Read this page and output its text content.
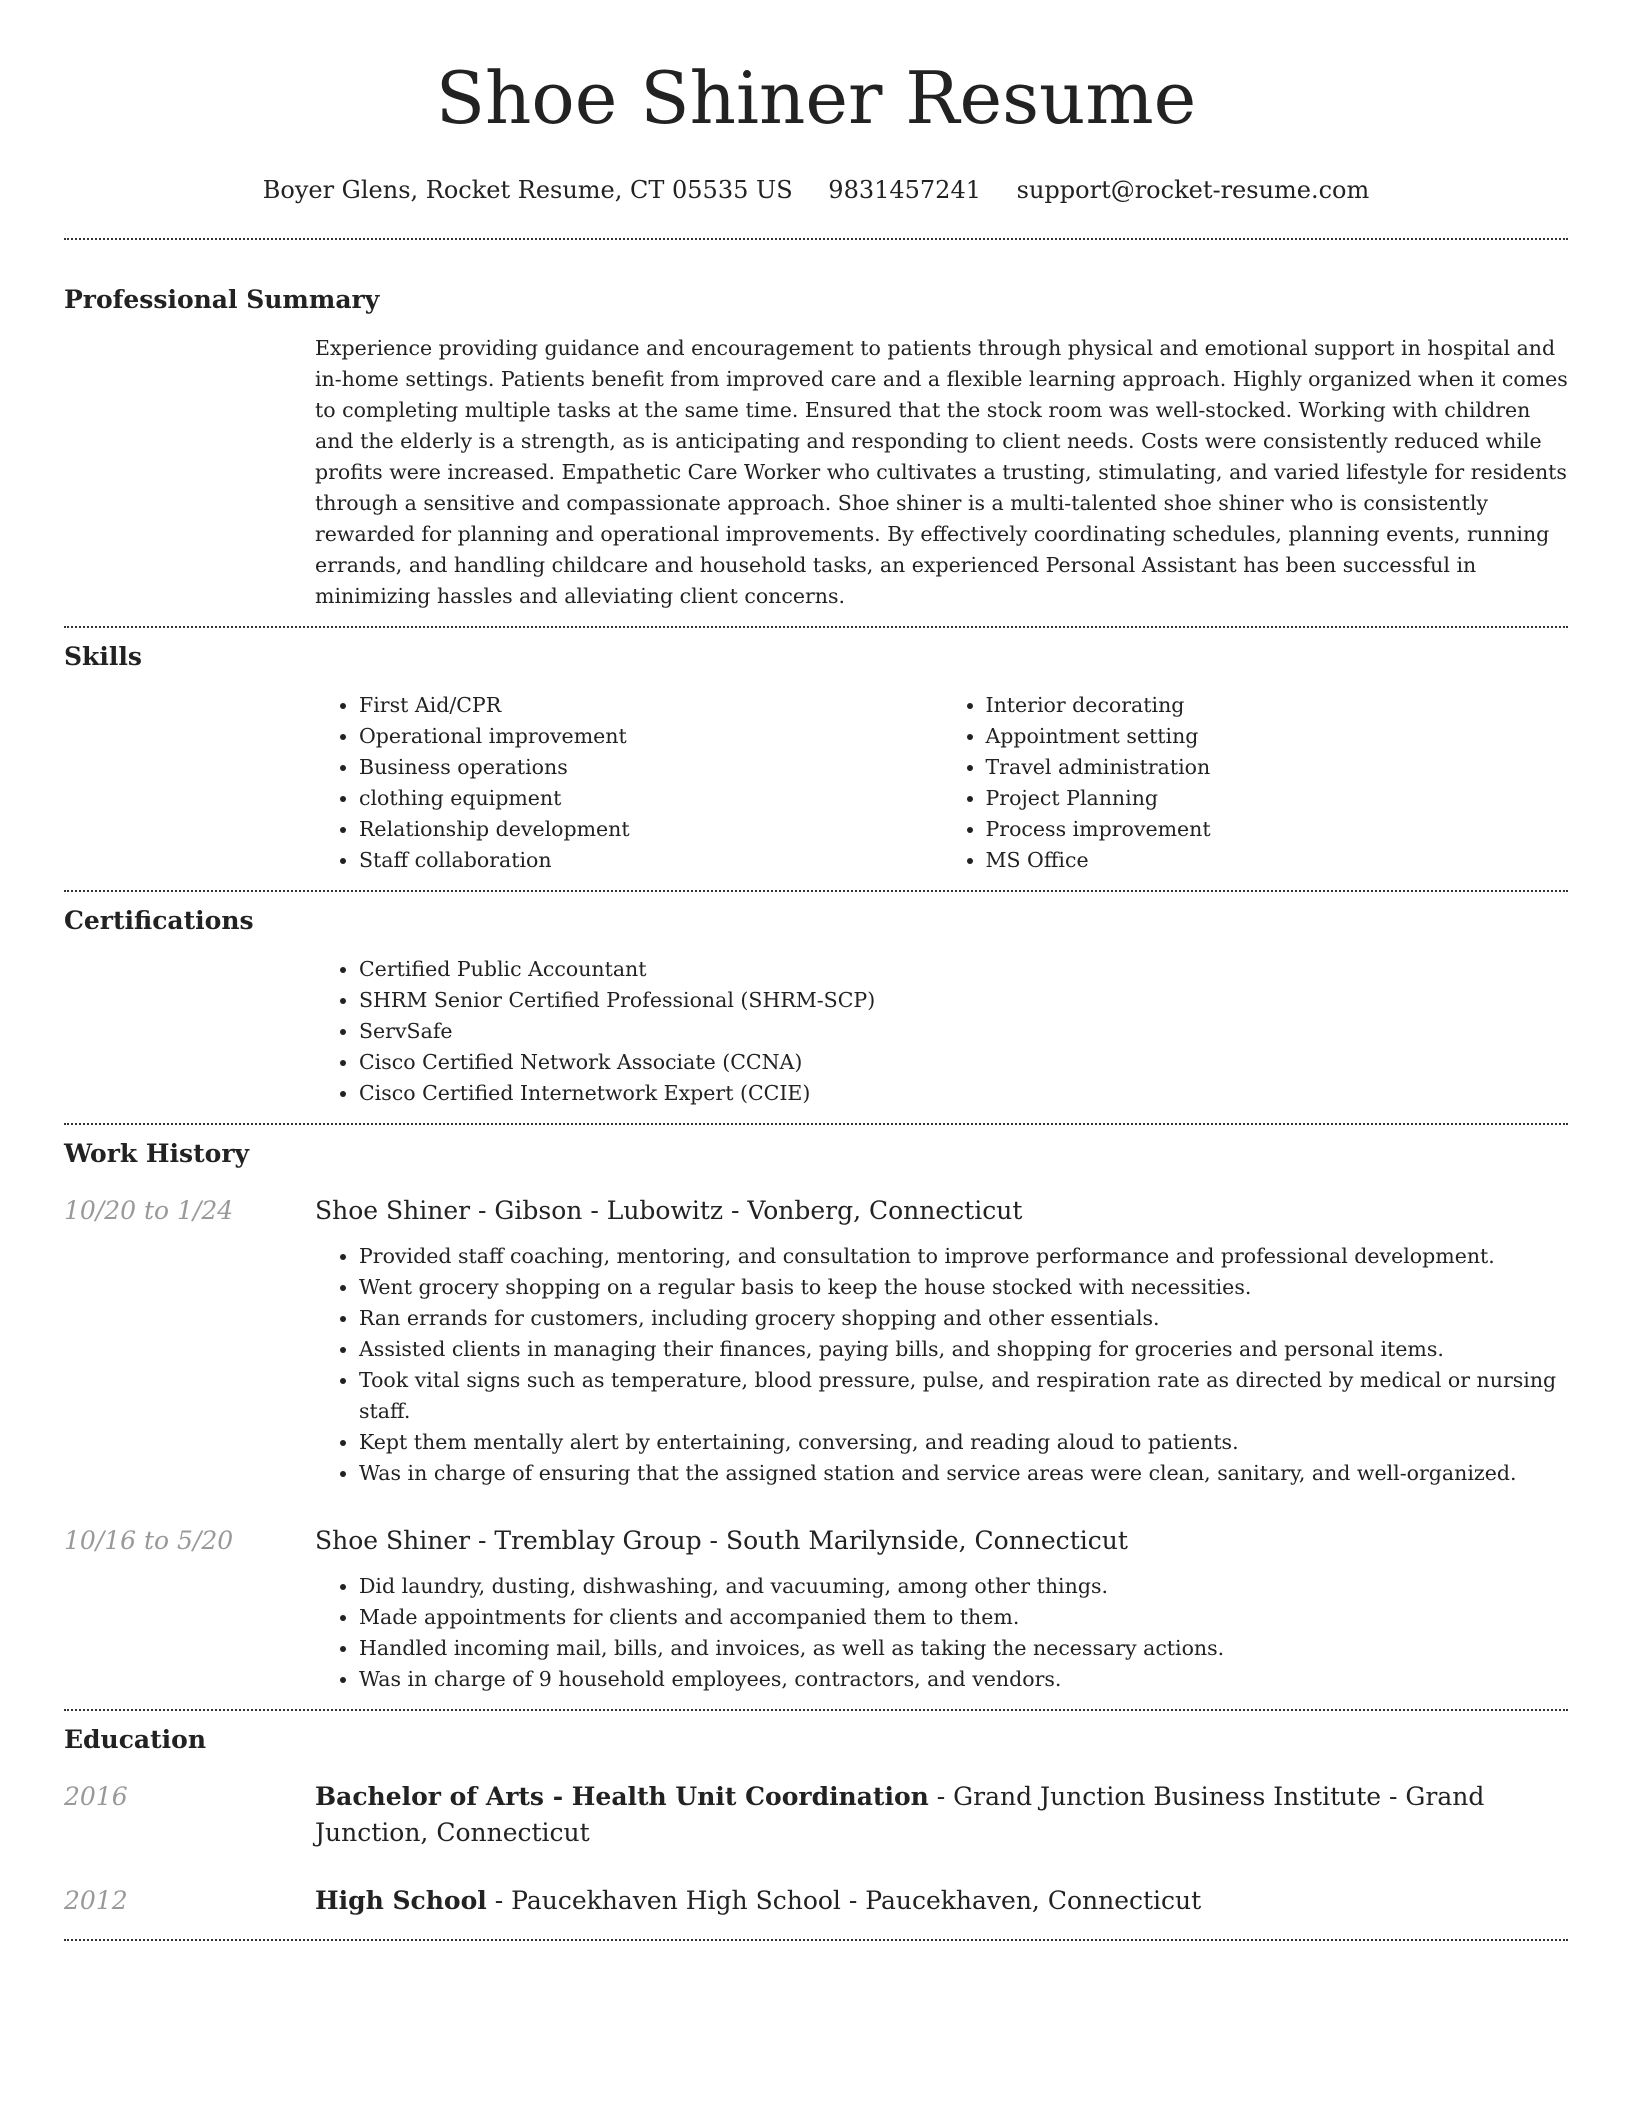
Shoe Shiner Resume
Boyer Glens, Rocket Resume, CT 05535 US 9831457241 support@rocket-resume.com
Professional Summary

Experience providing guidance and encouragement to patients through physical and emotional support in hospital and in-home settings. Patients benefit from improved care and a flexible learning approach. Highly organized when it comes to completing multiple tasks at the same time. Ensured that the stock room was well-stocked. Working with children and the elderly is a strength, as is anticipating and responding to client needs. Costs were consistently reduced while profits were increased. Empathetic Care Worker who cultivates a trusting, stimulating, and varied lifestyle for residents through a sensitive and compassionate approach. Shoe shiner is a multi-talented shoe shiner who is consistently rewarded for planning and operational improvements. By effectively coordinating schedules, planning events, running errands, and handling childcare and household tasks, an experienced Personal Assistant has been successful in minimizing hassles and alleviating client concerns.

Skills
• First Aid/CPR
• Operational improvement
• Business operations
• clothing equipment
• Relationship development
• Staff collaboration
• Interior decorating
• Appointment setting
• Travel administration
• Project Planning
• Process improvement
• MS Office
Certifications
• Certified Public Accountant
• SHRM Senior Certified Professional (SHRM-SCP)
• ServSafe
• Cisco Certified Network Associate (CCNA)
• Cisco Certified Internetwork Expert (CCIE)
Work History
10/20 to 1/24	Shoe Shiner - Gibson - Lubowitz - Vonberg, Connecticut
• Provided staff coaching, mentoring, and consultation to improve performance and professional development.
• Went grocery shopping on a regular basis to keep the house stocked with necessities.
• Ran errands for customers, including grocery shopping and other essentials.
• Assisted clients in managing their finances, paying bills, and shopping for groceries and personal items.
• Took vital signs such as temperature, blood pressure, pulse, and respiration rate as directed by medical or nursing staff.
• Kept them mentally alert by entertaining, conversing, and reading aloud to patients.
• Was in charge of ensuring that the assigned station and service areas were clean, sanitary, and well-organized.
10/16 to 5/20	Shoe Shiner - Tremblay Group - South Marilynside, Connecticut
• Did laundry, dusting, dishwashing, and vacuuming, among other things.
• Made appointments for clients and accompanied them to them.
• Handled incoming mail, bills, and invoices, as well as taking the necessary actions.
• Was in charge of 9 household employees, contractors, and vendors.
Education
2016	Bachelor of Arts - Health Unit Coordination - Grand Junction Business Institute - Grand Junction, Connecticut
2012	High School - Paucekhaven High School - Paucekhaven, Connecticut
